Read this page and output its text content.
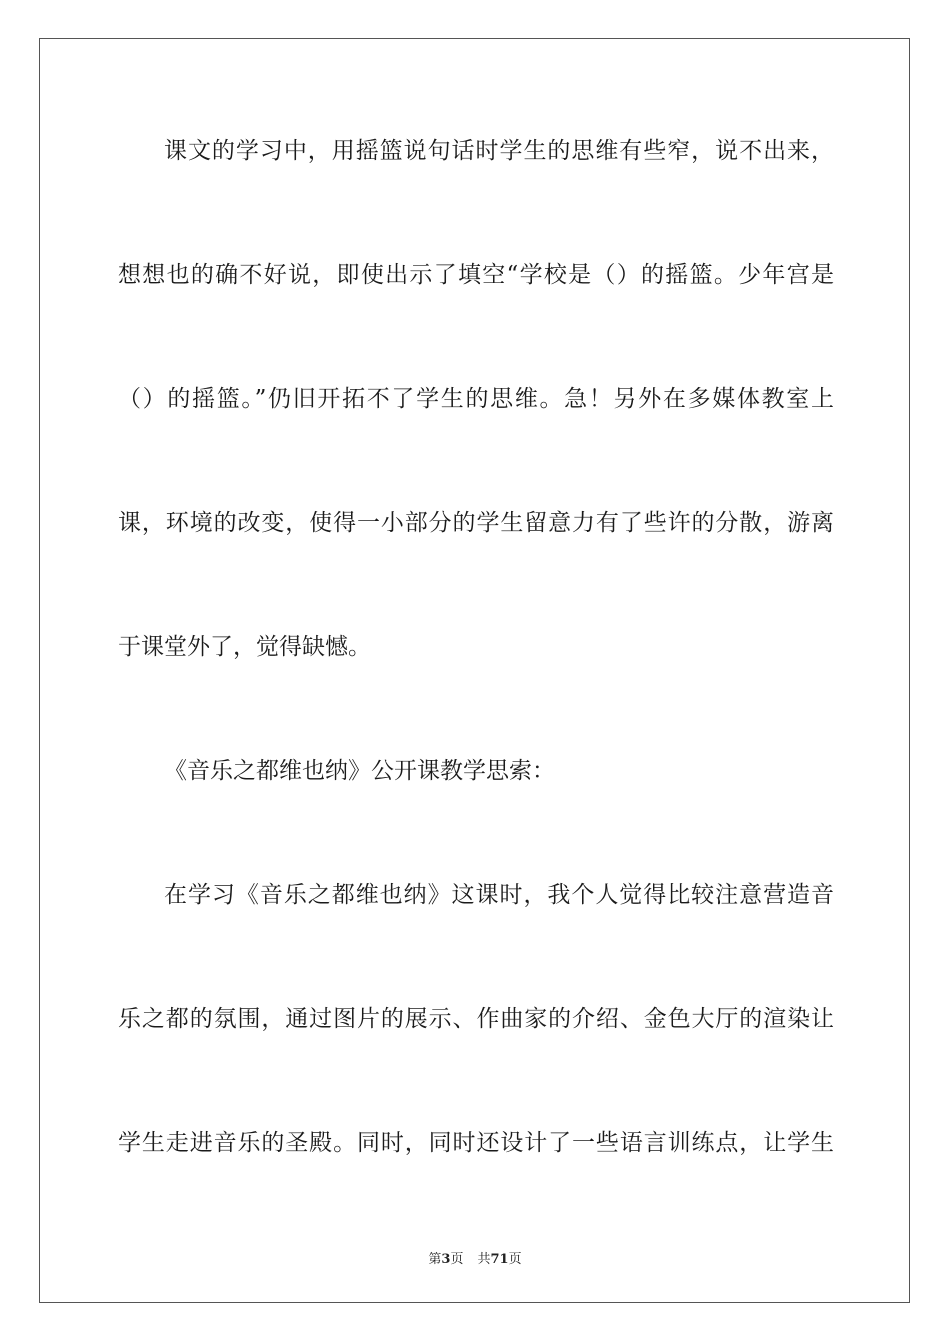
课文的学习中，用摇篮说句话时学生的思维有些窄，说不出来，
想想也的确不好说，即使出示了填空“学校是（）的摇篮。少年宫是
（）的摇篮。”仍旧开拓不了学生的思维。急！另外在多媒体教室上
课，环境的改变，使得一小部分的学生留意力有了些许的分散，游离
于课堂外了，觉得缺憾。
《音乐之都维也纳》公开课教学思索：
在学习《音乐之都维也纳》这课时，我个人觉得比较注意营造音
乐之都的氛围，通过图片的展示、作曲家的介绍、金色大厅的渲染让
学生走进音乐的圣殿。同时，同时还设计了一些语言训练点，让学生
第3页 共71页
